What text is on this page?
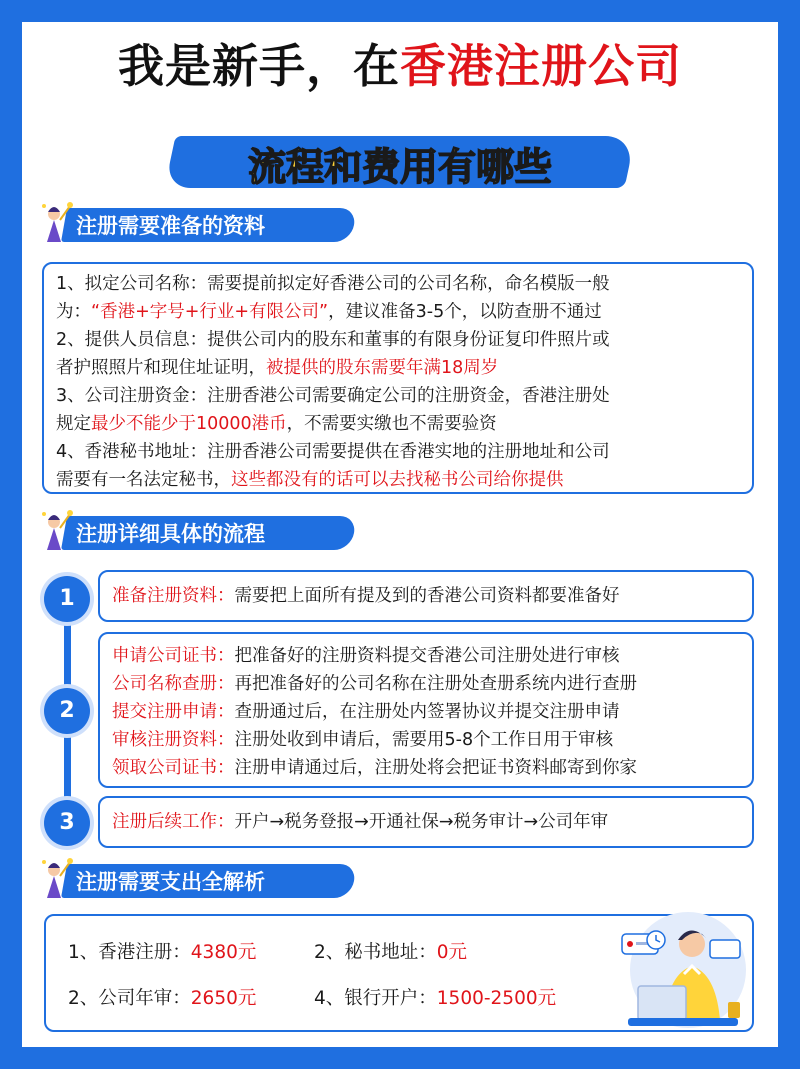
我是新手，在香港注册公司
流程和费用有哪些
注册需要准备的资料
1、拟定公司名称：需要提前拟定好香港公司的公司名称，命名模版一般
为：“香港+字号+行业+有限公司”，建议准备3-5个，以防查册不通过
2、提供人员信息：提供公司内的股东和董事的有限身份证复印件照片或
者护照照片和现住址证明，被提供的股东需要年满18周岁
3、公司注册资金：注册香港公司需要确定公司的注册资金，香港注册处
规定最少不能少于10000港币，不需要实缴也不需要验资
4、香港秘书地址：注册香港公司需要提供在香港实地的注册地址和公司
需要有一名法定秘书，这些都没有的话可以去找秘书公司给你提供
注册详细具体的流程
1	准备注册资料：需要把上面所有提及到的香港公司资料都要准备好
2
申请公司证书：把准备好的注册资料提交香港公司注册处进行审核
公司名称查册：再把准备好的公司名称在注册处查册系统内进行查册
提交注册申请：查册通过后，在注册处内签署协议并提交注册申请
审核注册资料：注册处收到申请后，需要用5-8个工作日用于审核
领取公司证书：注册申请通过后，注册处将会把证书资料邮寄到你家
3	注册后续工作：开户→税务登报→开通社保→税务审计→公司年审
注册需要支出全解析
1、香港注册：4380元	2、秘书地址：0元
2、公司年审：2650元	4、银行开户：1500-2500元
